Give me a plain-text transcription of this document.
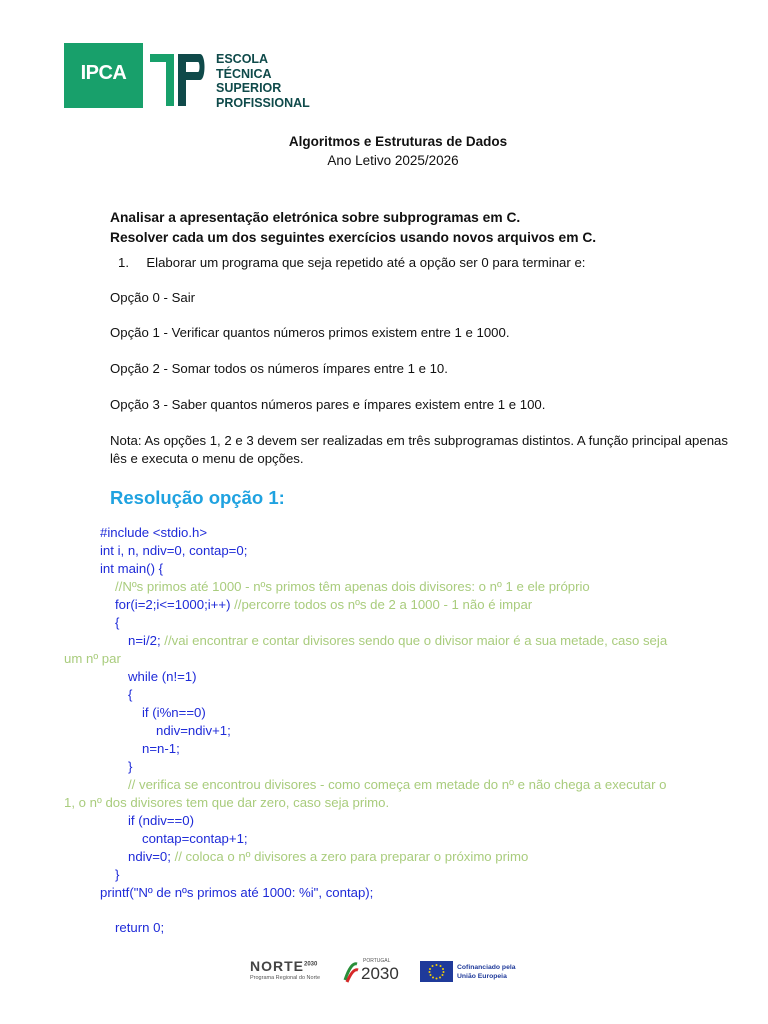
IPCA
ESCOLA
TÉCNICA
SUPERIOR
PROFISSIONAL
Algoritmos e Estruturas de Dados
Ano Letivo 2025/2026
Analisar a apresentação eletrónica sobre subprogramas em C.
Resolver cada um dos seguintes exercícios usando novos arquivos em C.
1. Elaborar um programa que seja repetido até a opção ser 0 para terminar e:
Opção 0 - Sair
Opção 1 - Verificar quantos números primos existem entre 1 e 1000.
Opção 2 - Somar todos os números ímpares entre 1 e 10.
Opção 3 - Saber quantos números pares e ímpares existem entre 1 e 100.
Nota: As opções 1, 2 e 3 devem ser realizadas em três subprogramas distintos. A função principal apenas lês e executa o menu de opções.
Resolução opção 1:
#include <stdio.h>
int i, n, ndiv=0, contap=0;
int main() {
//Nºs primos até 1000 - nºs primos têm apenas dois divisores: o nº 1 e ele próprio
for(i=2;i<=1000;i++) //percorre todos os nºs de 2 a 1000 - 1 não é impar
{
n=i/2; //vai encontrar e contar divisores sendo que o divisor maior é a sua metade, caso seja
um nº par
while (n!=1)
{
if (i%n==0)
ndiv=ndiv+1;
n=n-1;
}
// verifica se encontrou divisores - como começa em metade do nº e não chega a executar o
1, o nº dos divisores tem que dar zero, caso seja primo.
if (ndiv==0)
contap=contap+1;
ndiv=0; // coloca o nº divisores a zero para preparar o próximo primo
}
printf("Nº de nºs primos até 1000: %i", contap);
return 0;
$NORTE^{2030}$
Programa Regional do Norte
PORTUGAL
2030	Cofinanciado pela
União Europeia
